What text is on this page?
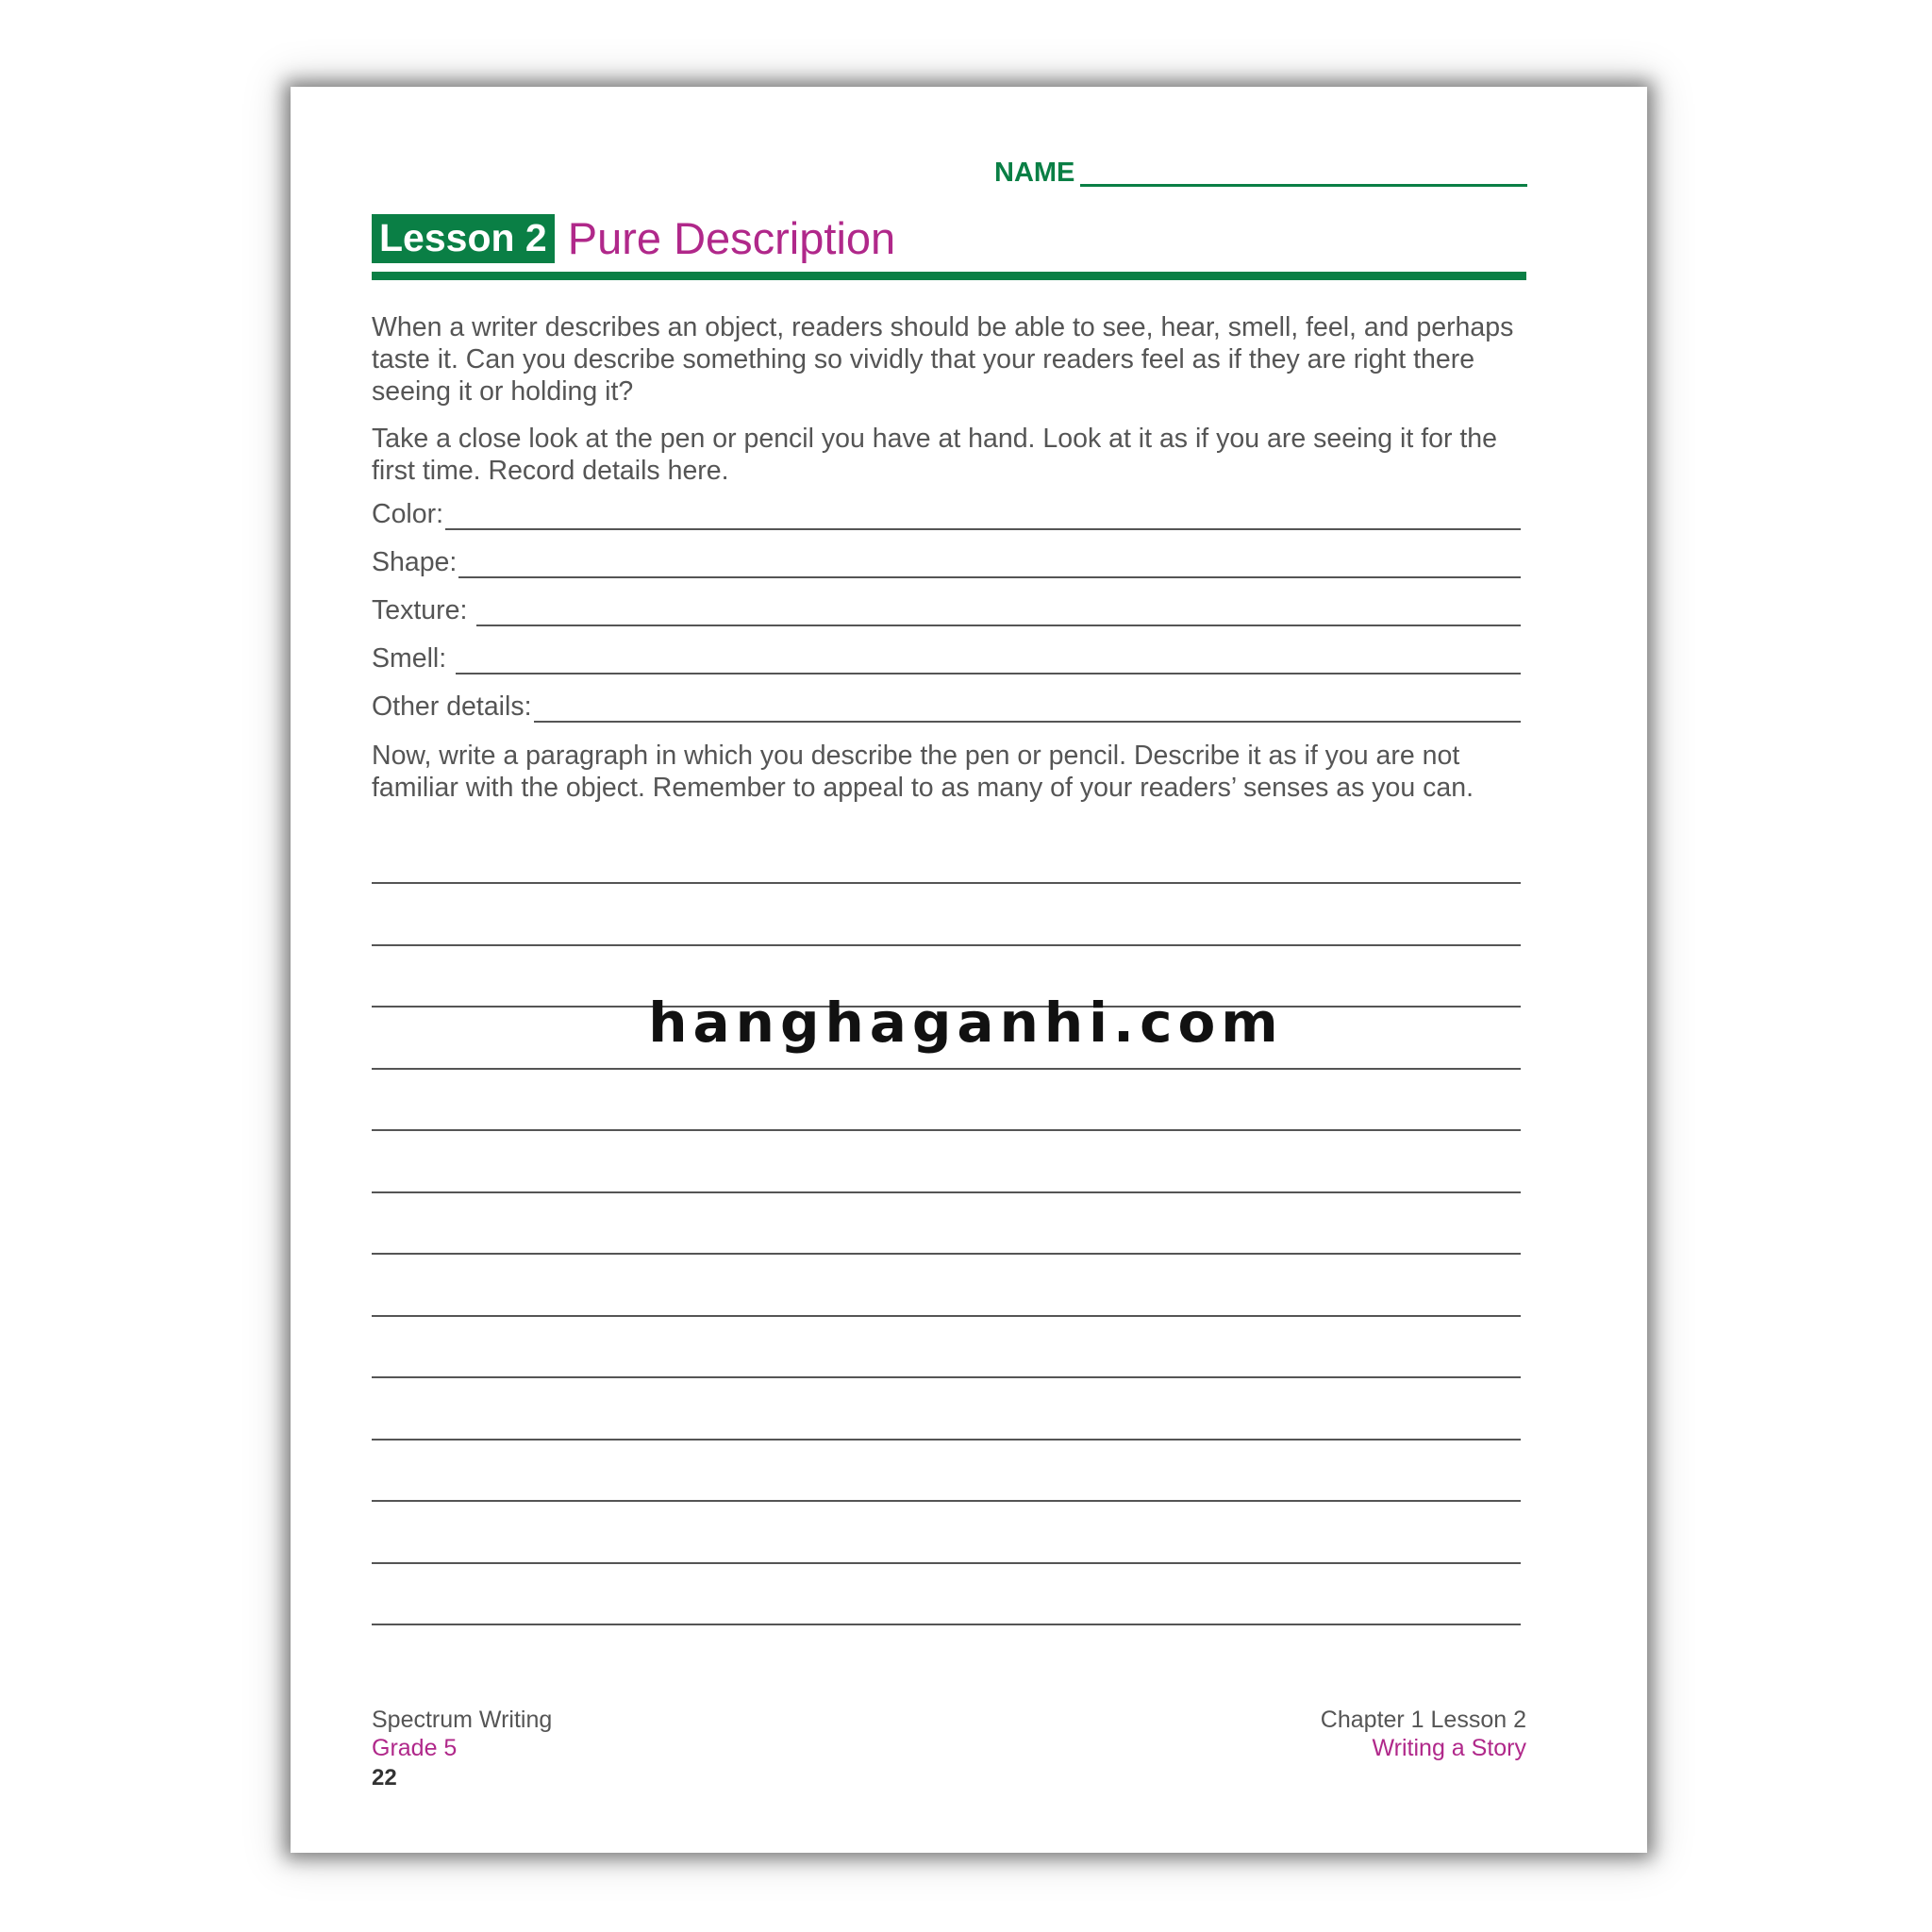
NAME
Lesson 2 Pure Description

When a writer describes an object, readers should be able to see, hear, smell, feel, and perhaps taste it. Can you describe something so vividly that your readers feel as if they are right there seeing it or holding it?

Take a close look at the pen or pencil you have at hand. Look at it as if you are seeing it for the first time. Record details here.

Color:
Shape:
Texture:
Smell:
Other details:

Now, write a paragraph in which you describe the pen or pencil. Describe it as if you are not familiar with the object. Remember to appeal to as many of your readers’ senses as you can.

hanghaganhi.com
Spectrum Writing
Grade 5
22
Chapter 1 Lesson 2
Writing a Story
